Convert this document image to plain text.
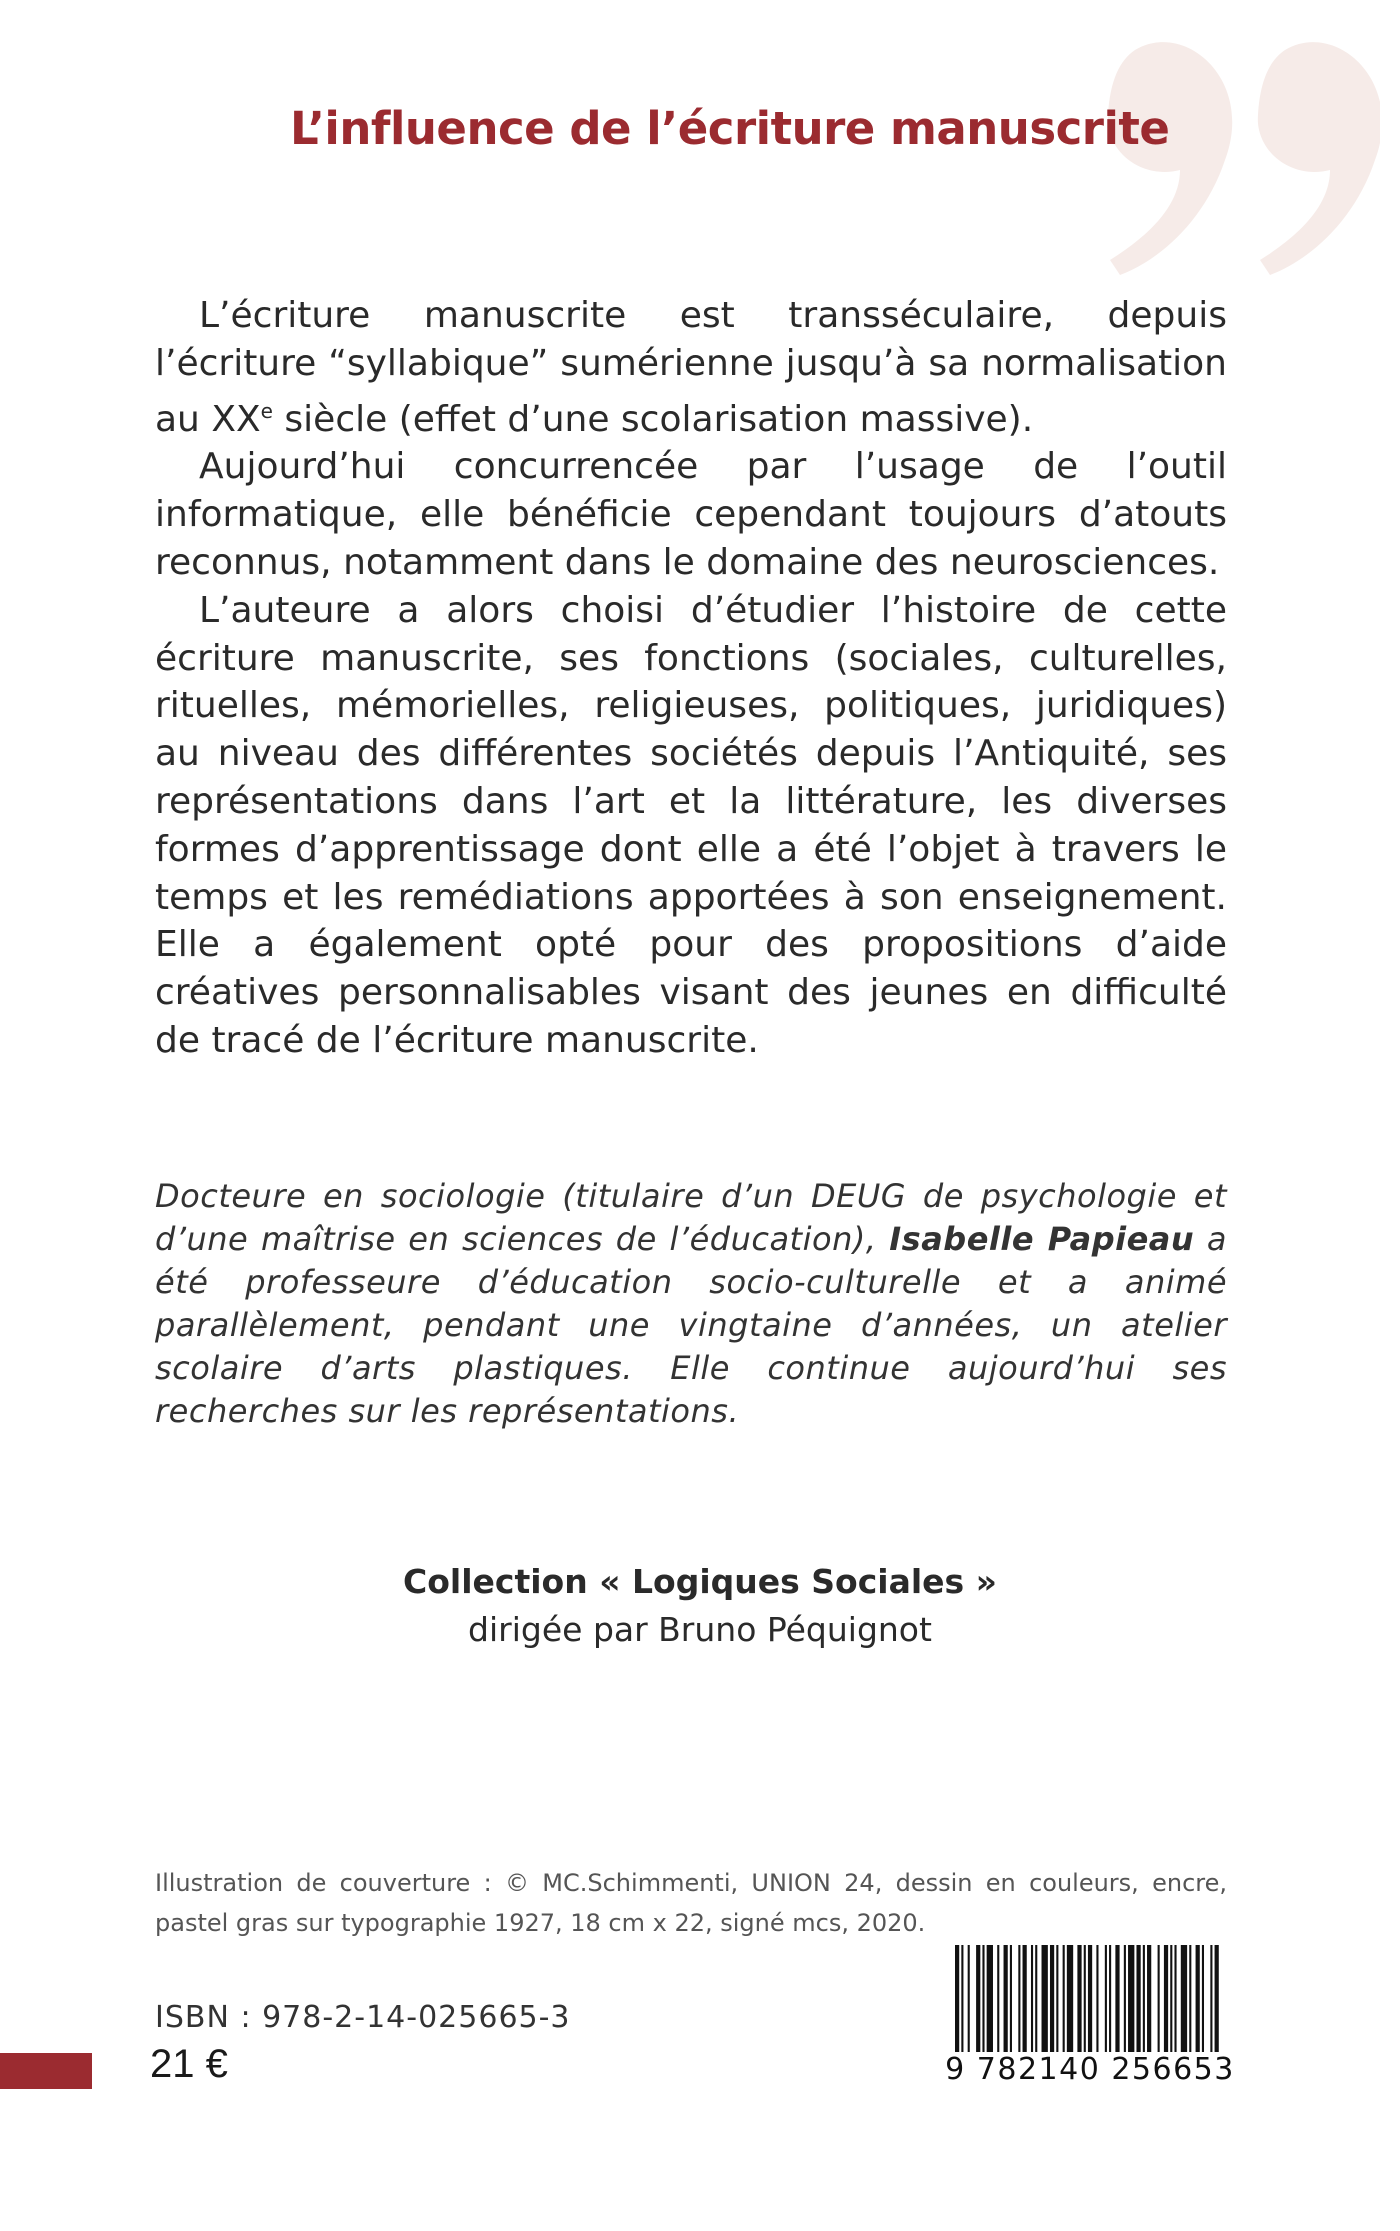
L’influence de l’écriture manuscrite

L’écriture manuscrite est transséculaire, depuis l’écriture “syllabique” sumérienne jusqu’à sa normalisation au XXe siècle (effet d’une scolarisation massive).

Aujourd’hui concurrencée par l’usage de l’outil informatique, elle bénéficie cependant toujours d’atouts reconnus, notamment dans le domaine des neurosciences.

L’auteure a alors choisi d’étudier l’histoire de cette écriture manuscrite, ses fonctions (sociales, culturelles, rituelles, mémorielles, religieuses, politiques, juridiques) au niveau des différentes sociétés depuis l’Antiquité, ses représentations dans l’art et la littérature, les diverses formes d’apprentissage dont elle a été l’objet à travers le temps et les remédiations apportées à son enseignement. Elle a également opté pour des propositions d’aide créatives personnalisables visant des jeunes en difficulté de tracé de l’écriture manuscrite.

Docteure en sociologie (titulaire d’un DEUG de psychologie et d’une maîtrise en sciences de l’éducation), Isabelle Papieau a été professeure d’éducation socio-culturelle et a animé parallèlement, pendant une vingtaine d’années, un atelier scolaire d’arts plastiques. Elle continue aujourd’hui ses recherches sur les représentations.

Collection « Logiques Sociales »
dirigée par Bruno Péquignot

Illustration de couverture : © MC.Schimmenti, UNION 24, dessin en couleurs, encre, pastel gras sur typographie 1927, 18 cm x 22, signé mcs, 2020.

ISBN : 978-2-14-025665-3
21 €	9 782140 256653
